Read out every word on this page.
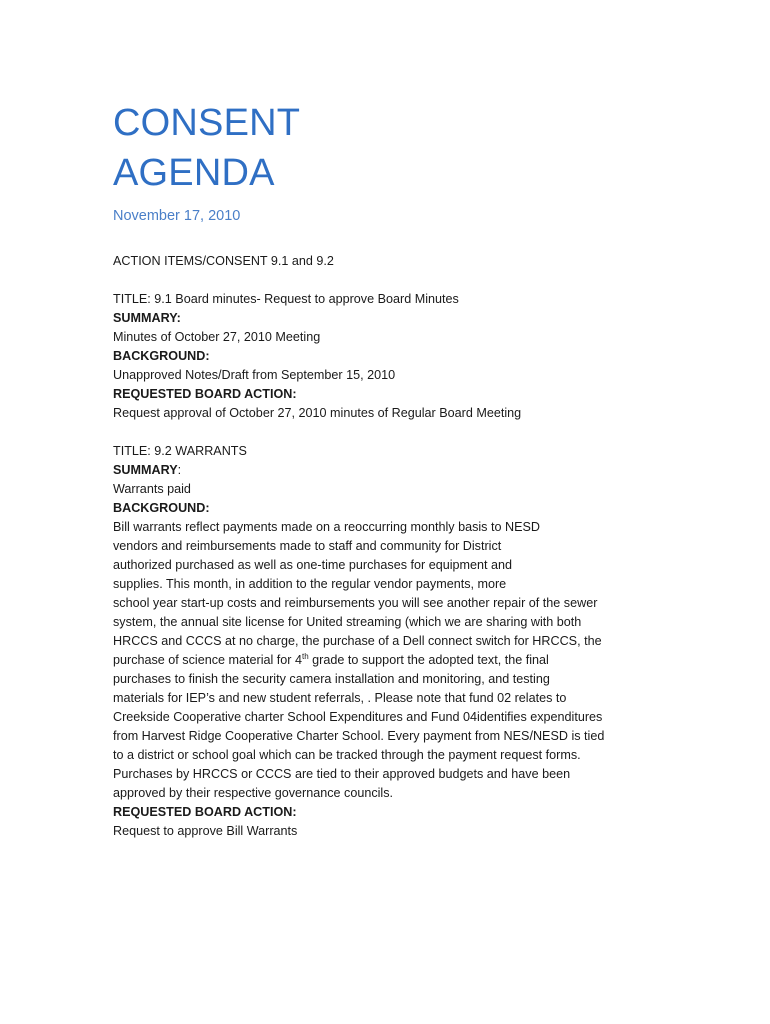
CONSENT
AGENDA
November 17, 2010
ACTION ITEMS/CONSENT 9.1 and 9.2
TITLE: 9.1 Board minutes- Request to approve Board Minutes
SUMMARY:
Minutes of October 27, 2010 Meeting
BACKGROUND:
Unapproved Notes/Draft from September 15, 2010
REQUESTED BOARD ACTION:
Request approval of October 27, 2010 minutes of Regular Board Meeting
TITLE: 9.2 WARRANTS
SUMMARY:
Warrants paid
BACKGROUND:
Bill warrants reflect payments made on a reoccurring monthly basis to NESD
vendors and reimbursements made to staff and community for District
authorized purchased as well as one-time purchases for equipment and
supplies. This month, in addition to the regular vendor payments, more
school year start-up costs and reimbursements you will see another repair of the sewer
system, the annual site license for United streaming (which we are sharing with both
HRCCS and CCCS at no charge, the purchase of a Dell connect switch for HRCCS, the
purchase of science material for 4th grade to support the adopted text, the final
purchases to finish the security camera installation and monitoring, and testing
materials for IEP’s and new student referrals, . Please note that fund 02 relates to
Creekside Cooperative charter School Expenditures and Fund 04identifies expenditures
from Harvest Ridge Cooperative Charter School. Every payment from NES/NESD is tied
to a district or school goal which can be tracked through the payment request forms.
Purchases by HRCCS or CCCS are tied to their approved budgets and have been
approved by their respective governance councils.
REQUESTED BOARD ACTION:
Request to approve Bill Warrants
